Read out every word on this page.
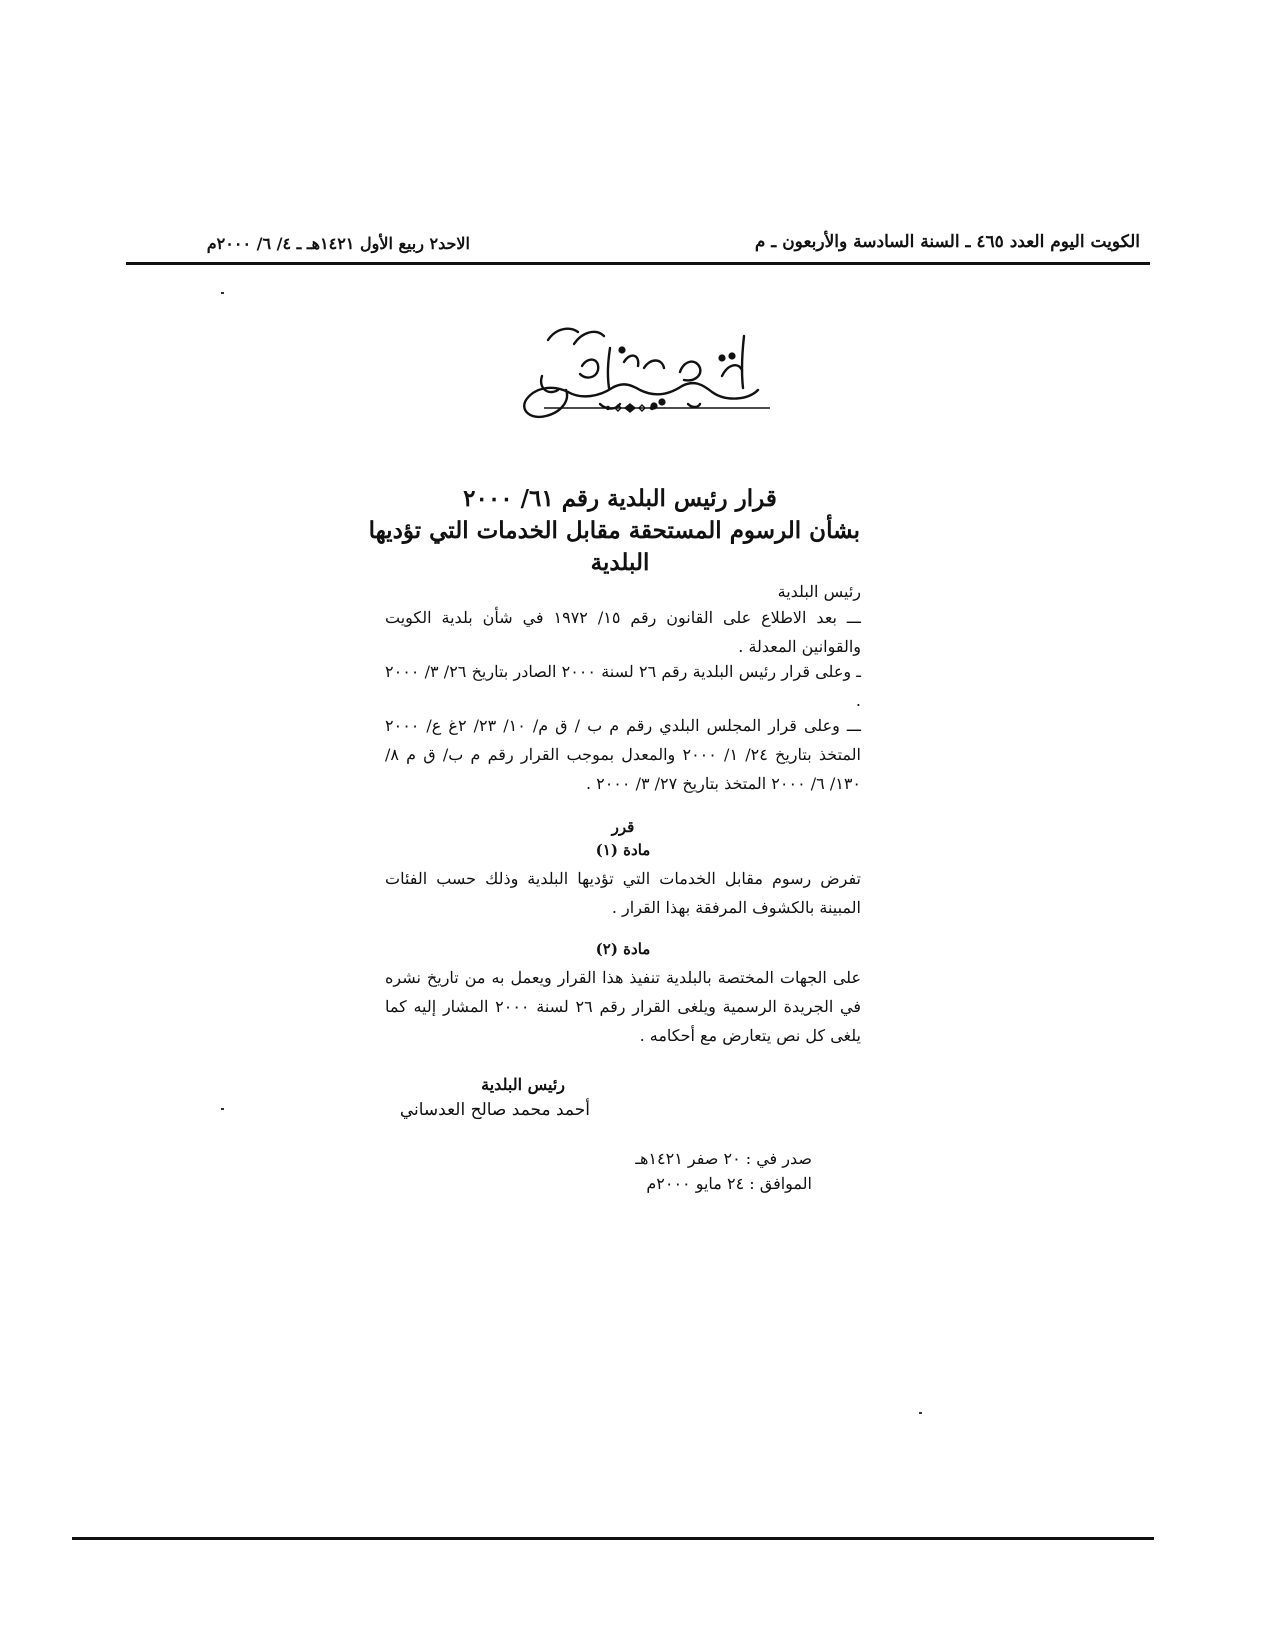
الكويت اليوم العدد ٤٦٥ ـ السنة السادسة والأربعون ـ م
الاحد٢ ربيع الأول ١٤٢١هـ ـ ٤/ ٦/ ٢٠٠٠م
قرار رئيس البلدية رقم ٦١/ ٢٠٠٠
بشأن الرسوم المستحقة مقابل الخدمات التي تؤديها
البلدية
رئيس البلدية
ـــ بعد الاطلاع على القانون رقم ١٥/ ١٩٧٢ في شأن بلدية الكويت والقوانين المعدلة .
ـ وعلى قرار رئيس البلدية رقم ٢٦ لسنة ٢٠٠٠ الصادر بتاريخ ٢٦/ ٣/ ٢٠٠٠ .
ـــ وعلى قرار المجلس البلدي رقم م ب / ق م/ ١٠/ ٢٣/ ٢غ ع/ ٢٠٠٠ المتخذ بتاريخ ٢٤/ ١/ ٢٠٠٠ والمعدل بموجب القرار رقم م ب/ ق م ٨/ ١٣٠/ ٦/ ٢٠٠٠ المتخذ بتاريخ ٢٧/ ٣/ ٢٠٠٠ .
قرر
مادة (١)
تفرض رسوم مقابل الخدمات التي تؤديها البلدية وذلك حسب الفئات المبينة بالكشوف المرفقة بهذا القرار .
مادة (٢)
على الجهات المختصة بالبلدية تنفيذ هذا القرار ويعمل به من تاريخ نشره في الجريدة الرسمية ويلغى القرار رقم ٢٦ لسنة ٢٠٠٠ المشار إليه كما يلغى كل نص يتعارض مع أحكامه .
رئيس البلدية
أحمد محمد صالح العدساني
صدر في : ٢٠ صفر ١٤٢١هـ
الموافق : ٢٤ مايو ٢٠٠٠م
